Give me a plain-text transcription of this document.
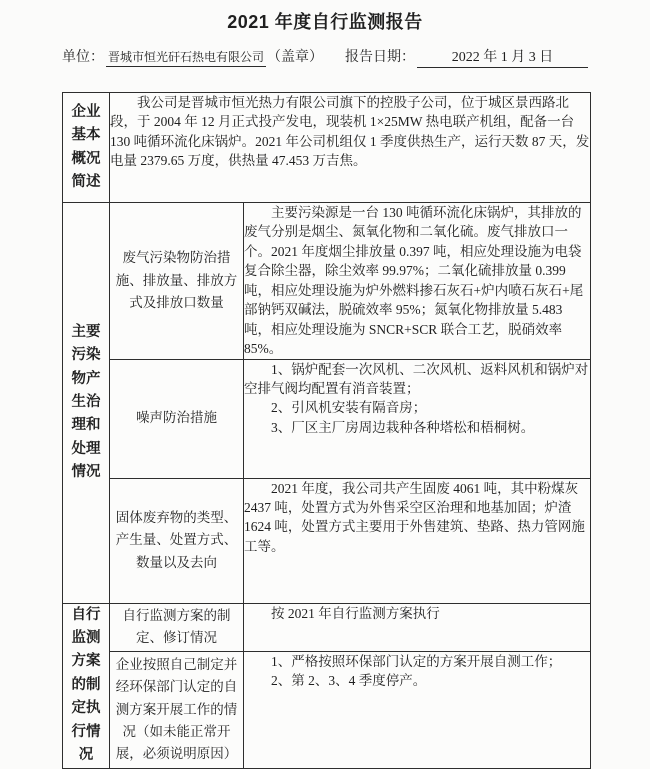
2021 年度自行监测报告
单位： 晋城市恒光矸石热电有限公司 （盖章） 报告日期：	2022 年 1 月 3 日
企业基本概况简述	我公司是晋城市恒光热力有限公司旗下的控股子公司，位于城区景西路北段，于 2004 年 12 月正式投产发电，现装机 1×25MW 热电联产机组，配备一台 130 吨循环流化床锅炉。2021 年公司机组仅 1 季度供热生产，运行天数 87 天，发电量 2379.65 万度，供热量 47.453 万吉焦。	

主要污染物产生治理和处理情况	废气污染物防治措施、排放量、排放方式及排放口数量	主要污染源是一台 130 吨循环流化床锅炉，其排放的废气分别是烟尘、氮氧化物和二氧化硫。废气排放口一个。2021 年度烟尘排放量 0.397 吨，相应处理设施为电袋复合除尘器，除尘效率 99.97%；二氧化硫排放量 0.399 吨，相应处理设施为炉外燃料掺石灰石+炉内喷石灰石+尾部钠钙双碱法，脱硫效率 95%；氮氧化物排放量 5.483 吨，相应处理设施为 SNCR+SCR 联合工艺，脱硝效率 85%。

	噪声防治措施	1、锅炉配套一次风机、二次风机、返料风机和锅炉对空排气阀均配置有消音装置；

2、引风机安装有隔音房；

3、厂区主厂房周边栽种各种塔松和梧桐树。

	固体废弃物的类型、产生量、处置方式、数量以及去向	2021 年度，我公司共产生固废 4061 吨，其中粉煤灰 2437 吨，处置方式为外售采空区治理和地基加固；炉渣 1624 吨，处置方式主要用于外售建筑、垫路、热力管网施工等。

自行监测方案的制定执行情况	自行监测方案的制定、修订情况	按 2021 年自行监测方案执行

	企业按照自己制定并经环保部门认定的自测方案开展工作的情况（如未能正常开展，必须说明原因）	1、严格按照环保部门认定的方案开展自测工作；

2、第 2、3、4 季度停产。
